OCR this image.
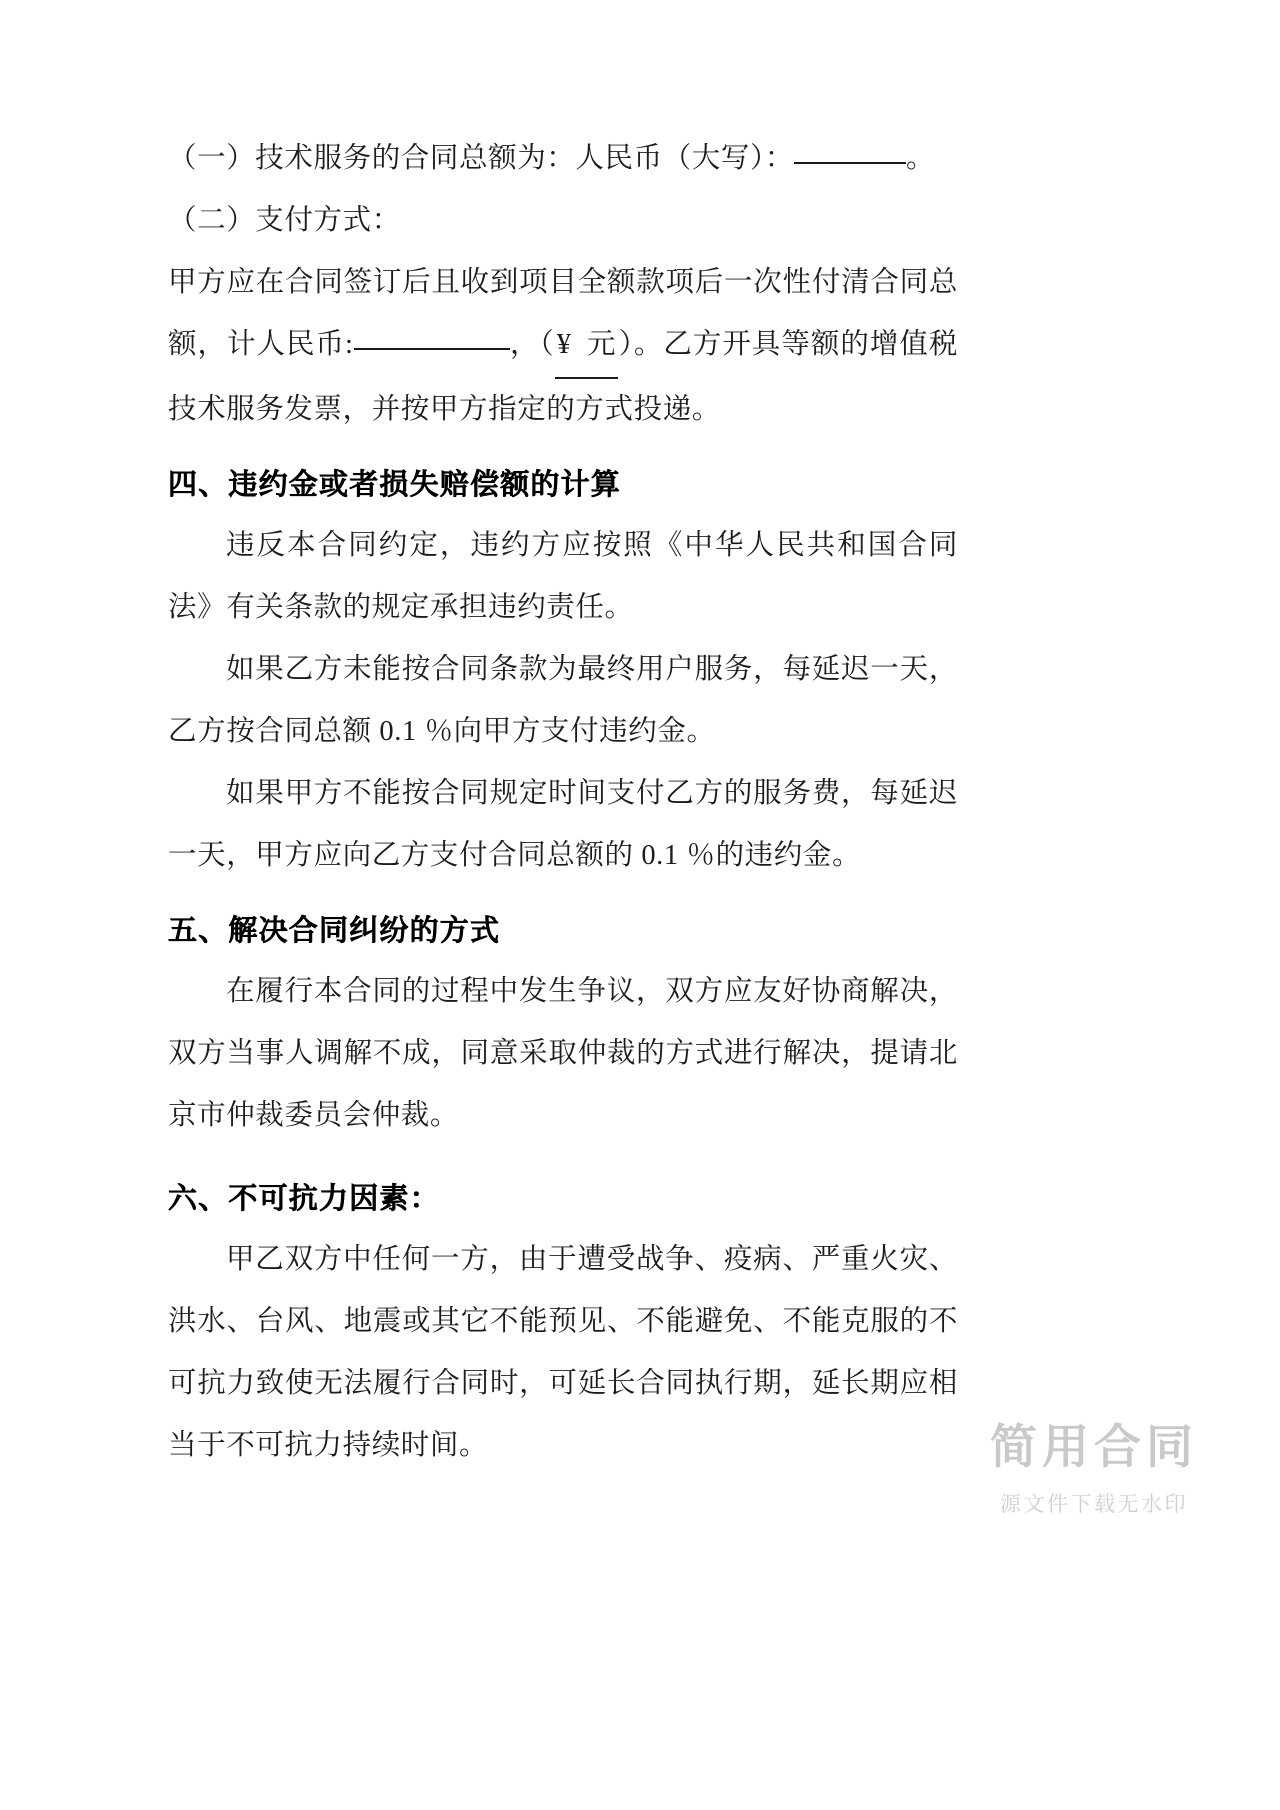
（一）技术服务的合同总额为：人民币（大写）：	。

（二）支付方式：

甲方应在合同签订后且收到项目全额款项后一次性付清合同总额，计人民币:	，（¥ 元）。乙方开具等额的增值税技术服务发票，并按甲方指定的方式投递。

四、违约金或者损失赔偿额的计算

违反本合同约定，违约方应按照《中华人民共和国合同法》有关条款的规定承担违约责任。

如果乙方未能按合同条款为最终用户服务，每延迟一天，乙方按合同总额 0.1 ％向甲方支付违约金。

如果甲方不能按合同规定时间支付乙方的服务费，每延迟一天，甲方应向乙方支付合同总额的 0.1 ％的违约金。

五、解决合同纠纷的方式

在履行本合同的过程中发生争议，双方应友好协商解决，双方当事人调解不成，同意采取仲裁的方式进行解决，提请北京市仲裁委员会仲裁。

六、不可抗力因素：

甲乙双方中任何一方，由于遭受战争、疫病、严重火灾、洪水、台风、地震或其它不能预见、不能避免、不能克服的不可抗力致使无法履行合同时，可延长合同执行期，延长期应相当于不可抗力持续时间。	简用合同
源文件下载无水印
